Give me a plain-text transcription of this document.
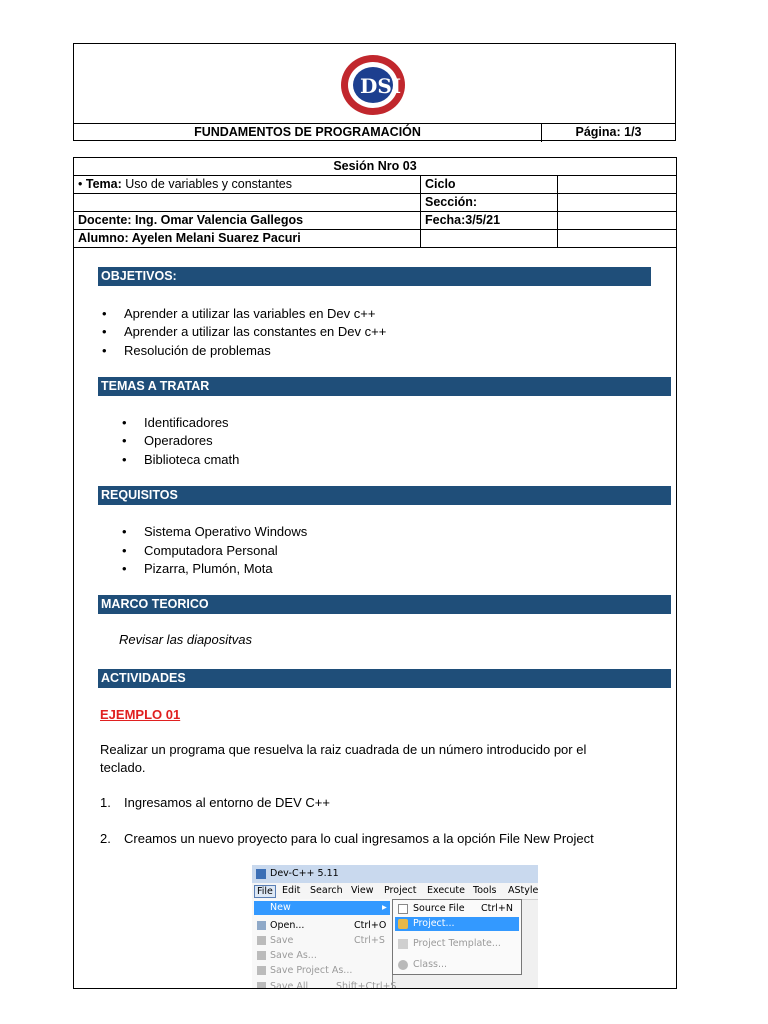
DSI
FUNDAMENTOS DE PROGRAMACIÓN	Página: 1/3
Sesión Nro 03		
• Tema: Uso de variables y constantes	Ciclo	
	Sección:	
Docente: Ing. Omar Valencia Gallegos	Fecha:3/5/21	
Alumno: Ayelen Melani Suarez Pacuri		
OBJETIVOS:
• Aprender a utilizar las variables en Dev c++
• Aprender a utilizar las constantes en Dev c++
• Resolución de problemas
TEMAS A TRATAR
• Identificadores
• Operadores
• Biblioteca cmath
REQUISITOS
• Sistema Operativo Windows
• Computadora Personal
• Pizarra, Plumón, Mota
MARCO TEORICO
Revisar las diapositvas
ACTIVIDADES
EJEMPLO 01
Realizar un programa que resuelva la raiz cuadrada de un número introducido por el
teclado.
1. Ingresamos al entorno de DEV C++
2. Creamos un nuevo proyecto para lo cual ingresamos a la opción File New Project
Dev-C++ 5.11
File Edit Search View Project Execute Tools AStyle
New	▸
Open...	Ctrl+O
Save	Ctrl+S
Save As...
Save Project As...
Save All	Shift+Ctrl+S
Source File Ctrl+N
Project...
Project Template...
Class...
